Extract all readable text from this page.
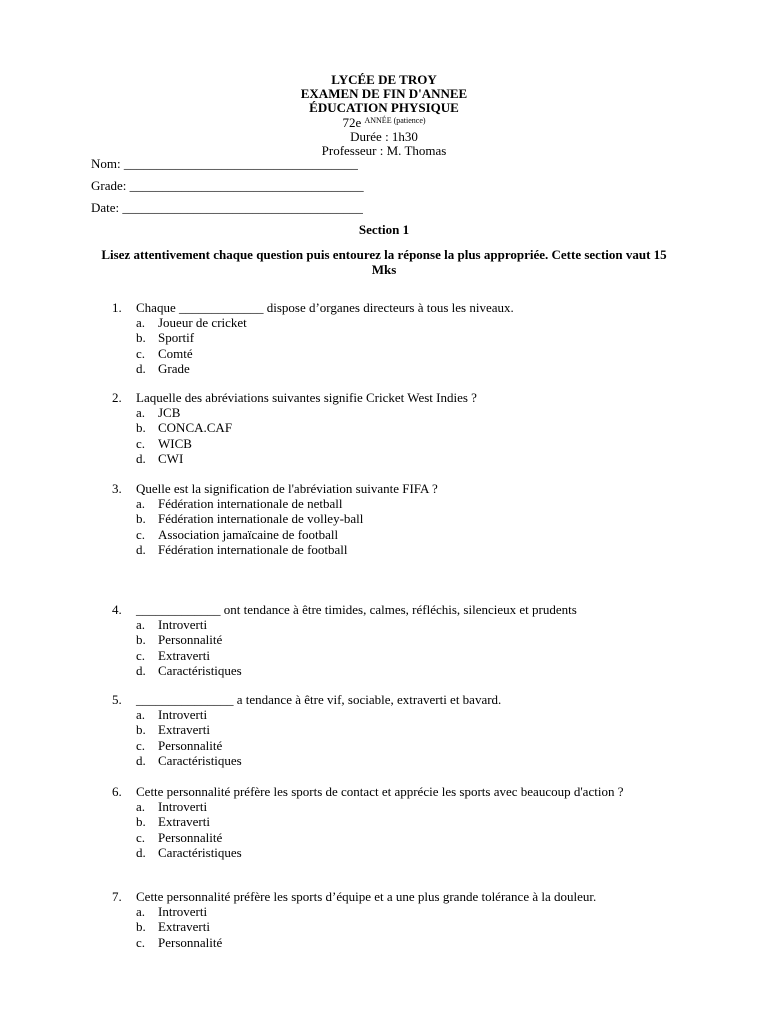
LYCÉE DE TROY
EXAMEN DE FIN D'ANNEE
ÉDUCATION PHYSIQUE
72e $^{ANNÉE (patience)}$
Durée : 1h30
Professeur : M. Thomas
Nom: ____________________________________
Grade: ____________________________________
Date: _____________________________________
Section 1
Lisez attentivement chaque question puis entourez la réponse la plus appropriée. Cette section vaut 15 Mks
1.	Chaque _____________ dispose d’organes directeurs à tous les niveaux.
a. Joueur de cricket
b. Sportif
c. Comté
d. Grade
2.	Laquelle des abréviations suivantes signifie Cricket West Indies ?
a. JCB
b. CONCA.CAF
c. WICB
d. CWI
3.	Quelle est la signification de l'abréviation suivante FIFA ?
a. Fédération internationale de netball
b. Fédération internationale de volley-ball
c. Association jamaïcaine de football
d. Fédération internationale de football
4.	_____________ ont tendance à être timides, calmes, réfléchis, silencieux et prudents
a. Introverti
b. Personnalité
c. Extraverti
d. Caractéristiques
5.	_______________ a tendance à être vif, sociable, extraverti et bavard.
a. Introverti
b. Extraverti
c. Personnalité
d. Caractéristiques
6.	Cette personnalité préfère les sports de contact et apprécie les sports avec beaucoup d'action ?
a. Introverti
b. Extraverti
c. Personnalité
d. Caractéristiques
7.	Cette personnalité préfère les sports d’équipe et a une plus grande tolérance à la douleur.
a. Introverti
b. Extraverti
c. Personnalité
